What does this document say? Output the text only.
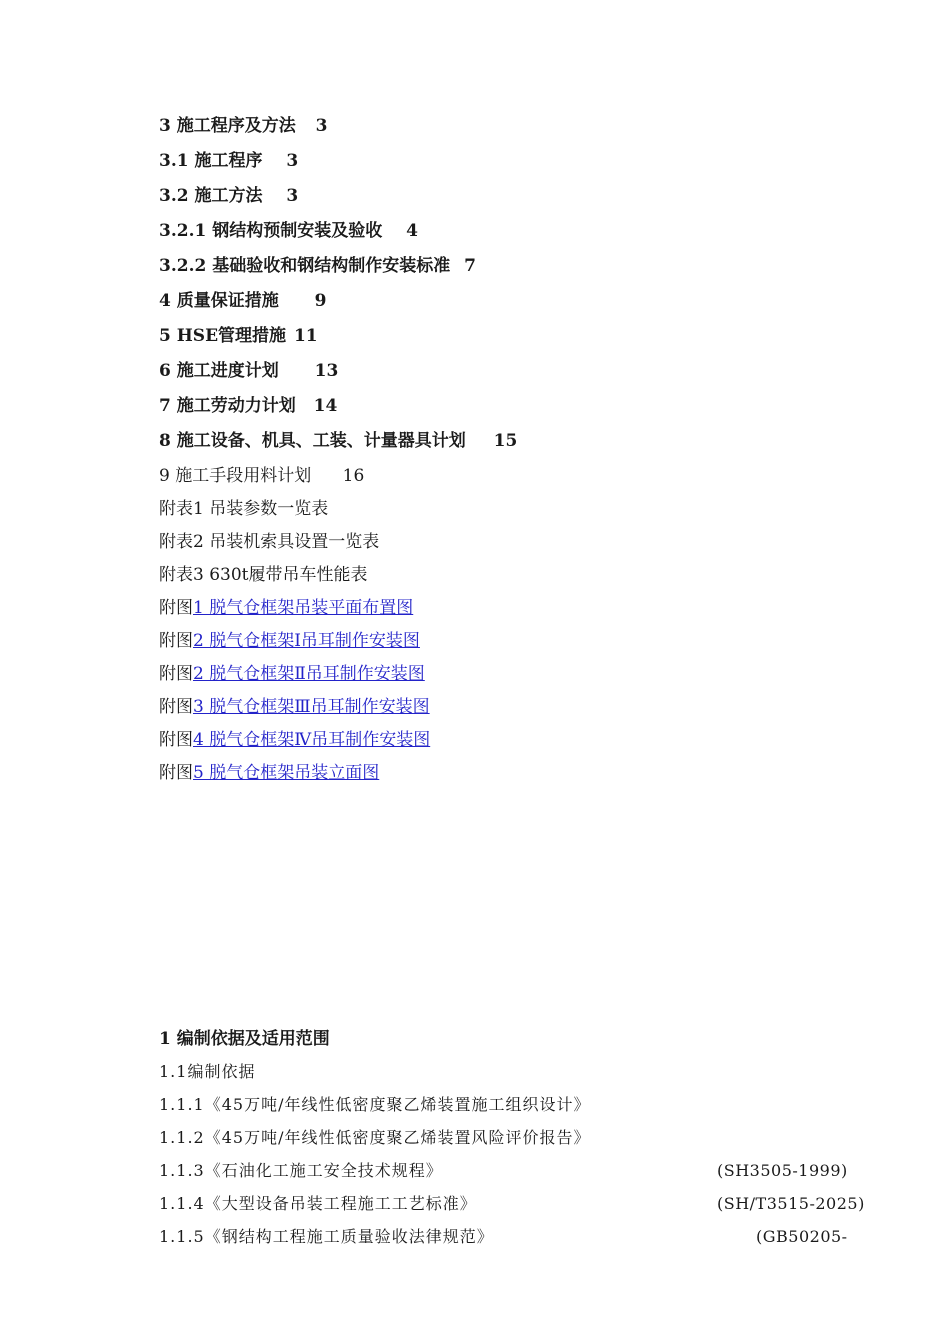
3 施工程序及方法 3
3.1 施工程序 3
3.2 施工方法 3
3.2.1 钢结构预制安装及验收 4
3.2.2 基础验收和钢结构制作安装标准 7
4 质量保证措施 9
5 HSE管理措施 11
6 施工进度计划 13
7 施工劳动力计划 14
8 施工设备、机具、工装、计量器具计划 15
9 施工手段用料计划 16
附表1 吊装参数一览表
附表2 吊装机索具设置一览表
附表3 630t履带吊车性能表
附图1 脱气仓框架吊装平面布置图
附图2 脱气仓框架Ⅰ吊耳制作安装图
附图2 脱气仓框架Ⅱ吊耳制作安装图
附图3 脱气仓框架Ⅲ吊耳制作安装图
附图4 脱气仓框架Ⅳ吊耳制作安装图
附图5 脱气仓框架吊装立面图
1 编制依据及适用范围
1.1编制依据
1.1.1《45万吨/年线性低密度聚乙烯装置施工组织设计》
1.1.2《45万吨/年线性低密度聚乙烯装置风险评价报告》
1.1.3《石油化工施工安全技术规程》	(SH3505-1999)
1.1.4《大型设备吊装工程施工工艺标准》	(SH/T3515-2025)
1.1.5《钢结构工程施工质量验收法律规范》	(GB50205-
